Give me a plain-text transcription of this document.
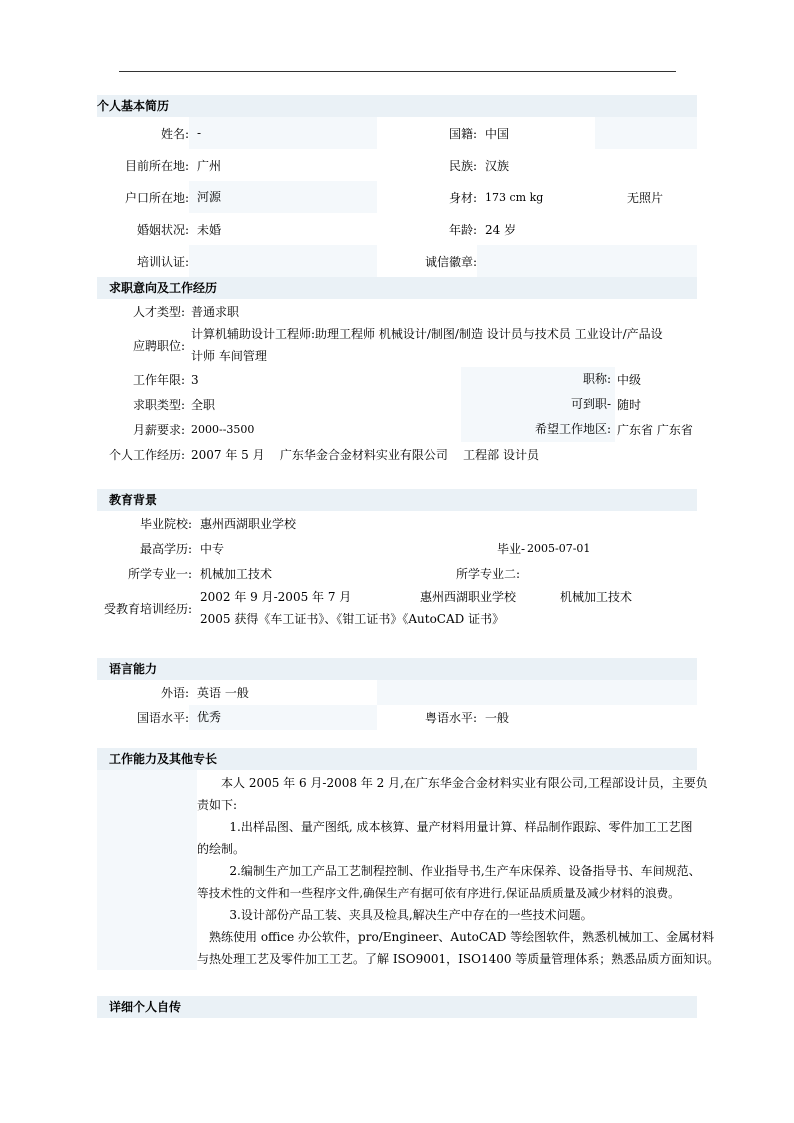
个人基本简历
姓名: -	国籍: 中国
目前所在地: 广州	民族: 汉族
户口所在地: 河源	身材: 173 cm kg	无照片
婚姻状况: 未婚	年龄: 24 岁
培训认证:	诚信徽章:
求职意向及工作经历
人才类型: 普通求职
应聘职位:
计算机辅助设计工程师:助理工程师 机械设计/制图/制造 设计员与技术员 工业设计/产品设
计师 车间管理
工作年限: 3	职称: 中级
求职类型: 全职	可到职- 随时
月薪要求: 2000--3500	希望工作地区: 广东省 广东省
个人工作经历: 2007 年 5 月    广东华金合金材料实业有限公司    工程部 设计员
教育背景
毕业院校: 惠州西湖职业学校
最高学历: 中专	毕业- 2005-07-01
所学专业一: 机械加工技术	所学专业二:
受教育培训经历:
2002 年 9 月-2005 年 7 月	惠州西湖职业学校	机械加工技术
2005 获得《车工证书》、《钳工证书》《AutoCAD 证书》
语言能力
外语: 英语 一般
国语水平: 优秀	粤语水平: 一般
工作能力及其他专长
本人 2005 年 6 月-2008 年 2 月,在广东华金合金材料实业有限公司,工程部设计员，主要负
责如下:
1.出样品图、量产图纸, 成本核算、量产材料用量计算、样品制作跟踪、零件加工工艺图
的绘制。
2.编制生产加工产品工艺制程控制、作业指导书,生产车床保养、设备指导书、车间规范、
等技术性的文件和一些程序文件,确保生产有据可依有序进行,保证品质质量及减少材料的浪费。
3.设计部份产品工装、夹具及检具,解决生产中存在的一些技术问题。
熟练使用 office 办公软件，pro/Engineer、AutoCAD 等绘图软件，熟悉机械加工、金属材料
与热处理工艺及零件加工工艺。了解 ISO9001，ISO1400 等质量管理体系；熟悉品质方面知识。
详细个人自传
